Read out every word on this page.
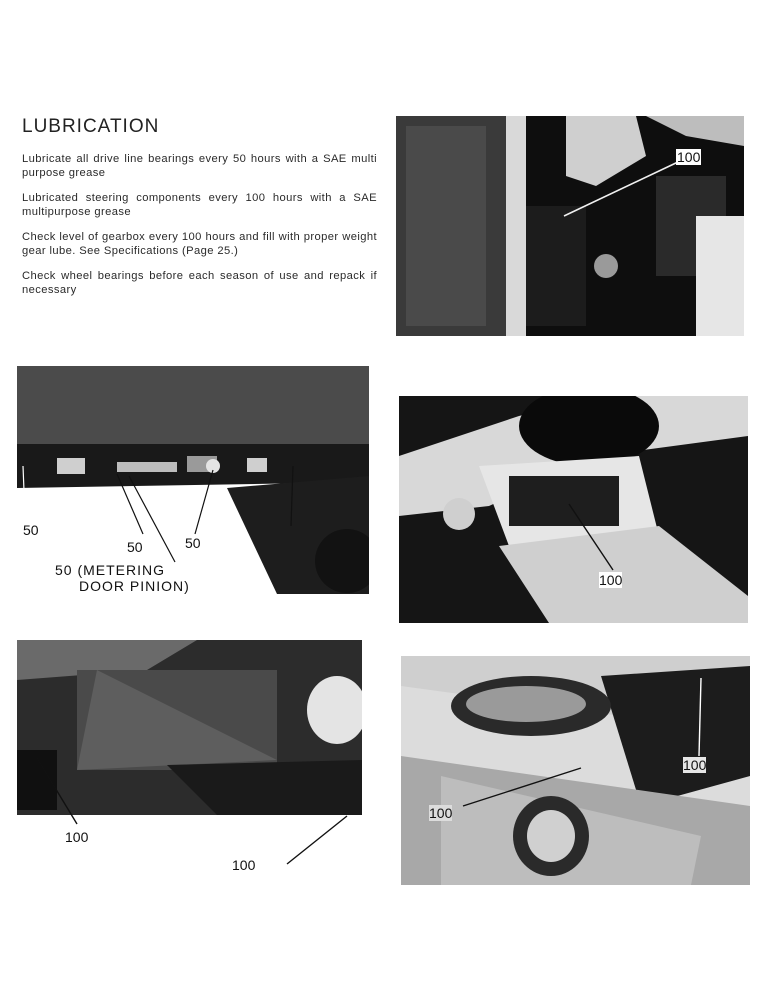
LUBRICATION

Lubricate all drive line bearings every 50 hours with a SAE multi purpose grease

Lubricated steering components every 100 hours with a SAE multipurpose grease

Check level of gearbox every 100 hours and fill with proper weight gear lube. See Specifications (Page 25.)

Check wheel bearings before each season of use and repack if necessary

100
50
50	50
50 (METERING
DOOR PINION)	100
100
100
100
100
